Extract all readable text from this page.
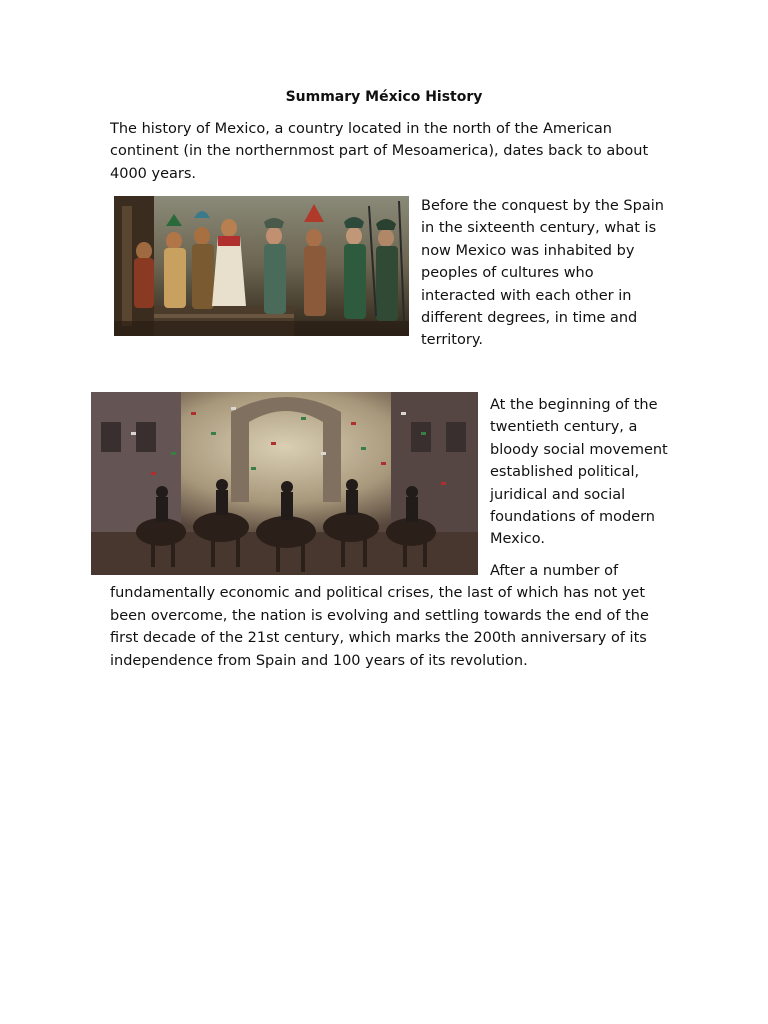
Summary México History

The history of Mexico, a country located in the north of the American continent (in the northernmost part of Mesoamerica), dates back to about 4000 years.

Before the conquest by the Spain in the sixteenth century, what is now Mexico was inhabited by peoples of cultures who interacted with each other in different degrees, in time and territory.

At the beginning of the twentieth century, a bloody social movement established political, juridical and social foundations of modern Mexico.

After a number of fundamentally economic and political crises, the last of which has not yet been overcome, the nation is evolving and settling towards the end of the first decade of the 21st century, which marks the 200th anniversary of its independence from Spain and 100 years of its revolution.
